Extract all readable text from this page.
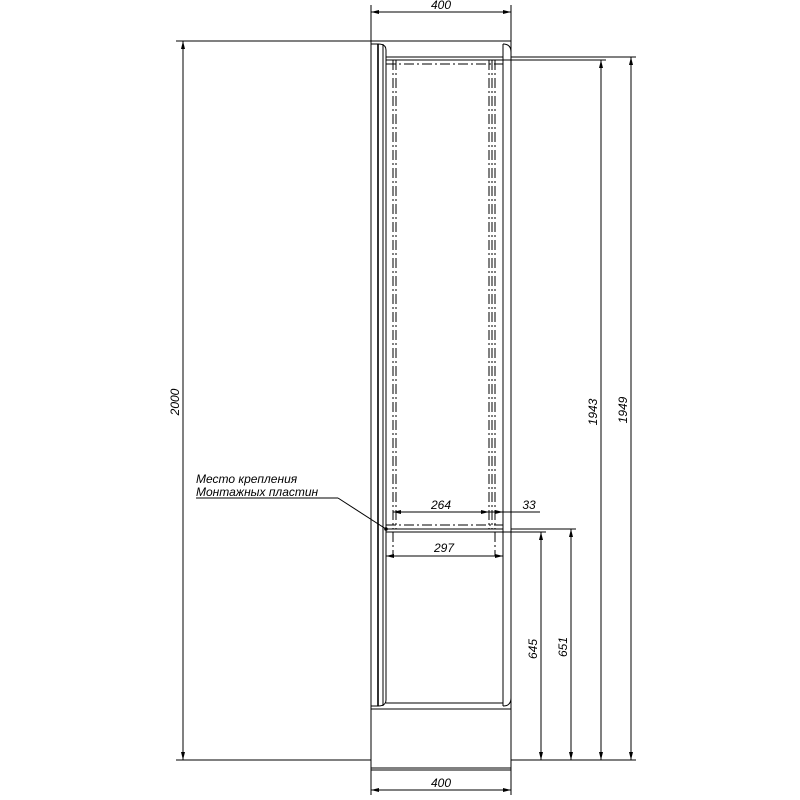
400
400
2000	1943 1949
645 651
264	33
297
Место крепления
Монтажных пластин
